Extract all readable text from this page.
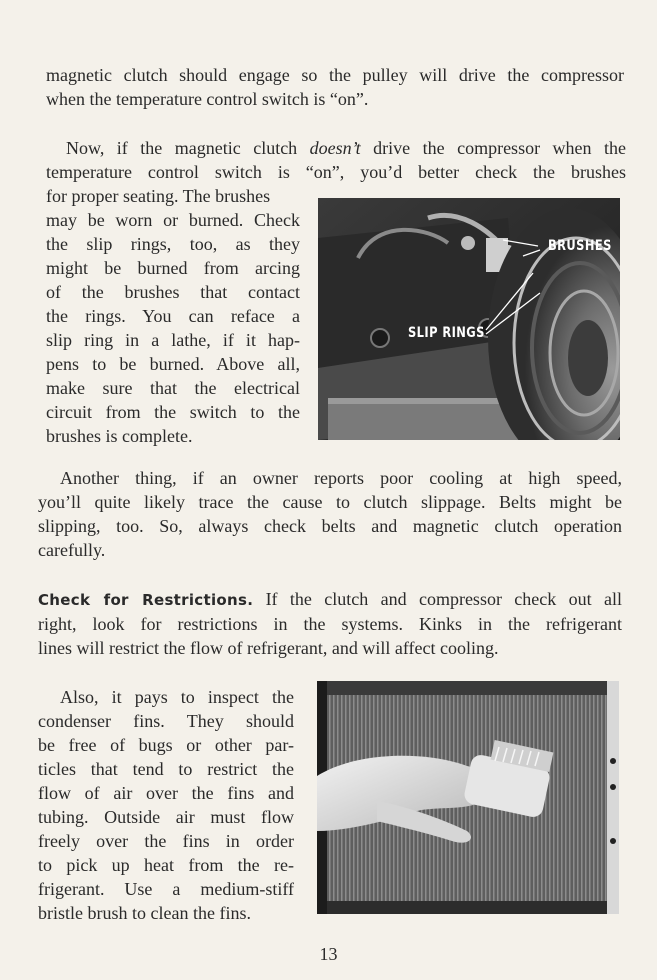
magnetic clutch should engage so the pulley will drive the compressor
when the temperature control switch is “on”.
Now, if the magnetic clutch doesn’t drive the compressor when the
temperature control switch is “on”, you’d better check the brushes
for proper seating. The brushes
may be worn or burned. Check
the slip rings, too, as they
might be burned from arcing
of the brushes that contact
the rings. You can reface a
slip ring in a lathe, if it hap-
pens to be burned. Above all,
make sure that the electrical
circuit from the switch to the
brushes is complete.
BRUSHES
SLIP RINGS
Another thing, if an owner reports poor cooling at high speed,
you’ll quite likely trace the cause to clutch slippage. Belts might be
slipping, too. So, always check belts and magnetic clutch operation
carefully.
Check for Restrictions. If the clutch and compressor check out all
right, look for restrictions in the systems. Kinks in the refrigerant
lines will restrict the flow of refrigerant, and will affect cooling.
Also, it pays to inspect the
condenser fins. They should
be free of bugs or other par-
ticles that tend to restrict the
flow of air over the fins and
tubing. Outside air must flow
freely over the fins in order
to pick up heat from the re-
frigerant. Use a medium-stiff
bristle brush to clean the fins.
13
